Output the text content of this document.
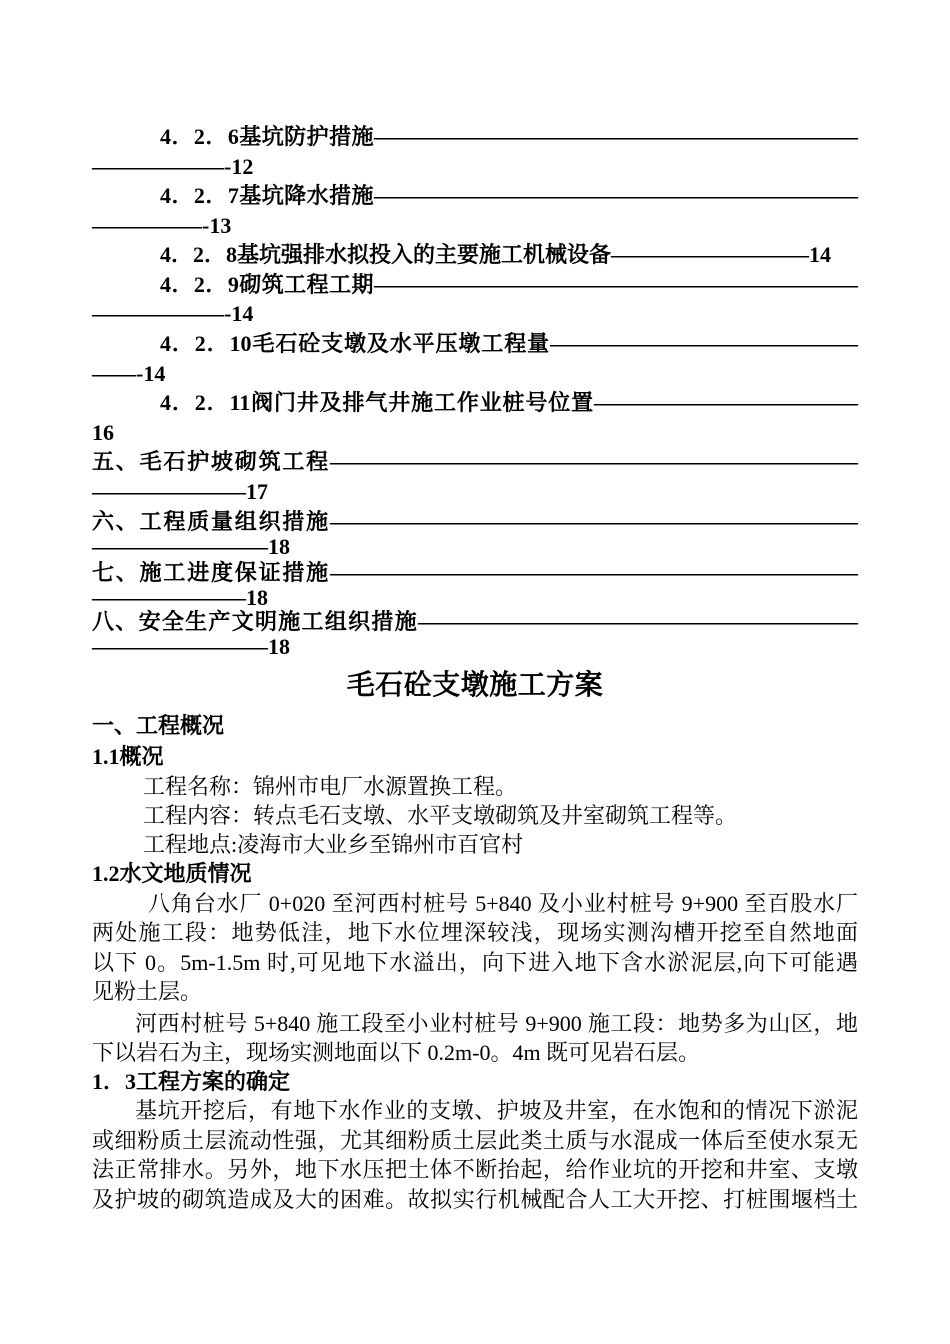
4．2．6基坑防护措施————————————————————————————-12
4．2．7基坑降水措施———————————————————————————-13
4．2．8基坑强排水拟投入的主要施工机械设备—————————14
4．2．9砌筑工程工期————————————————————————————-14
4．2．10毛石砼支墩及水平压墩工程量————————————————-14
4．2．11阀门井及排气井施工作业桩号位置————————————16
五、毛石护坡砌筑工程———————————————————————————————17
六、工程质量组织措施————————————————————————————————18
七、施工进度保证措施———————————————————————————————18
八、安全生产文明施工组织措施————————————————————————————18
毛石砼支墩施工方案
一、工程概况
1.1概况
工程名称：锦州市电厂水源置换工程。
工程内容：转点毛石支墩、水平支墩砌筑及井室砌筑工程等。
工程地点:凌海市大业乡至锦州市百官村
1.2水文地质情况
八角台水厂 0+020 至河西村桩号 5+840 及小业村桩号 9+900 至百股水厂
两处施工段：地势低洼，地下水位埋深较浅，现场实测沟槽开挖至自然地面
以下 0。5m-1.5m 时,可见地下水溢出，向下进入地下含水淤泥层,向下可能遇
见粉土层。
河西村桩号 5+840 施工段至小业村桩号 9+900 施工段：地势多为山区，地
下以岩石为主，现场实测地面以下 0.2m-0。4m 既可见岩石层。
1．3工程方案的确定
基坑开挖后，有地下水作业的支墩、护坡及井室，在水饱和的情况下淤泥
或细粉质土层流动性强，尤其细粉质土层此类土质与水混成一体后至使水泵无
法正常排水。另外，地下水压把土体不断抬起，给作业坑的开挖和井室、支墩
及护坡的砌筑造成及大的困难。故拟实行机械配合人工大开挖、打桩围堰档土
